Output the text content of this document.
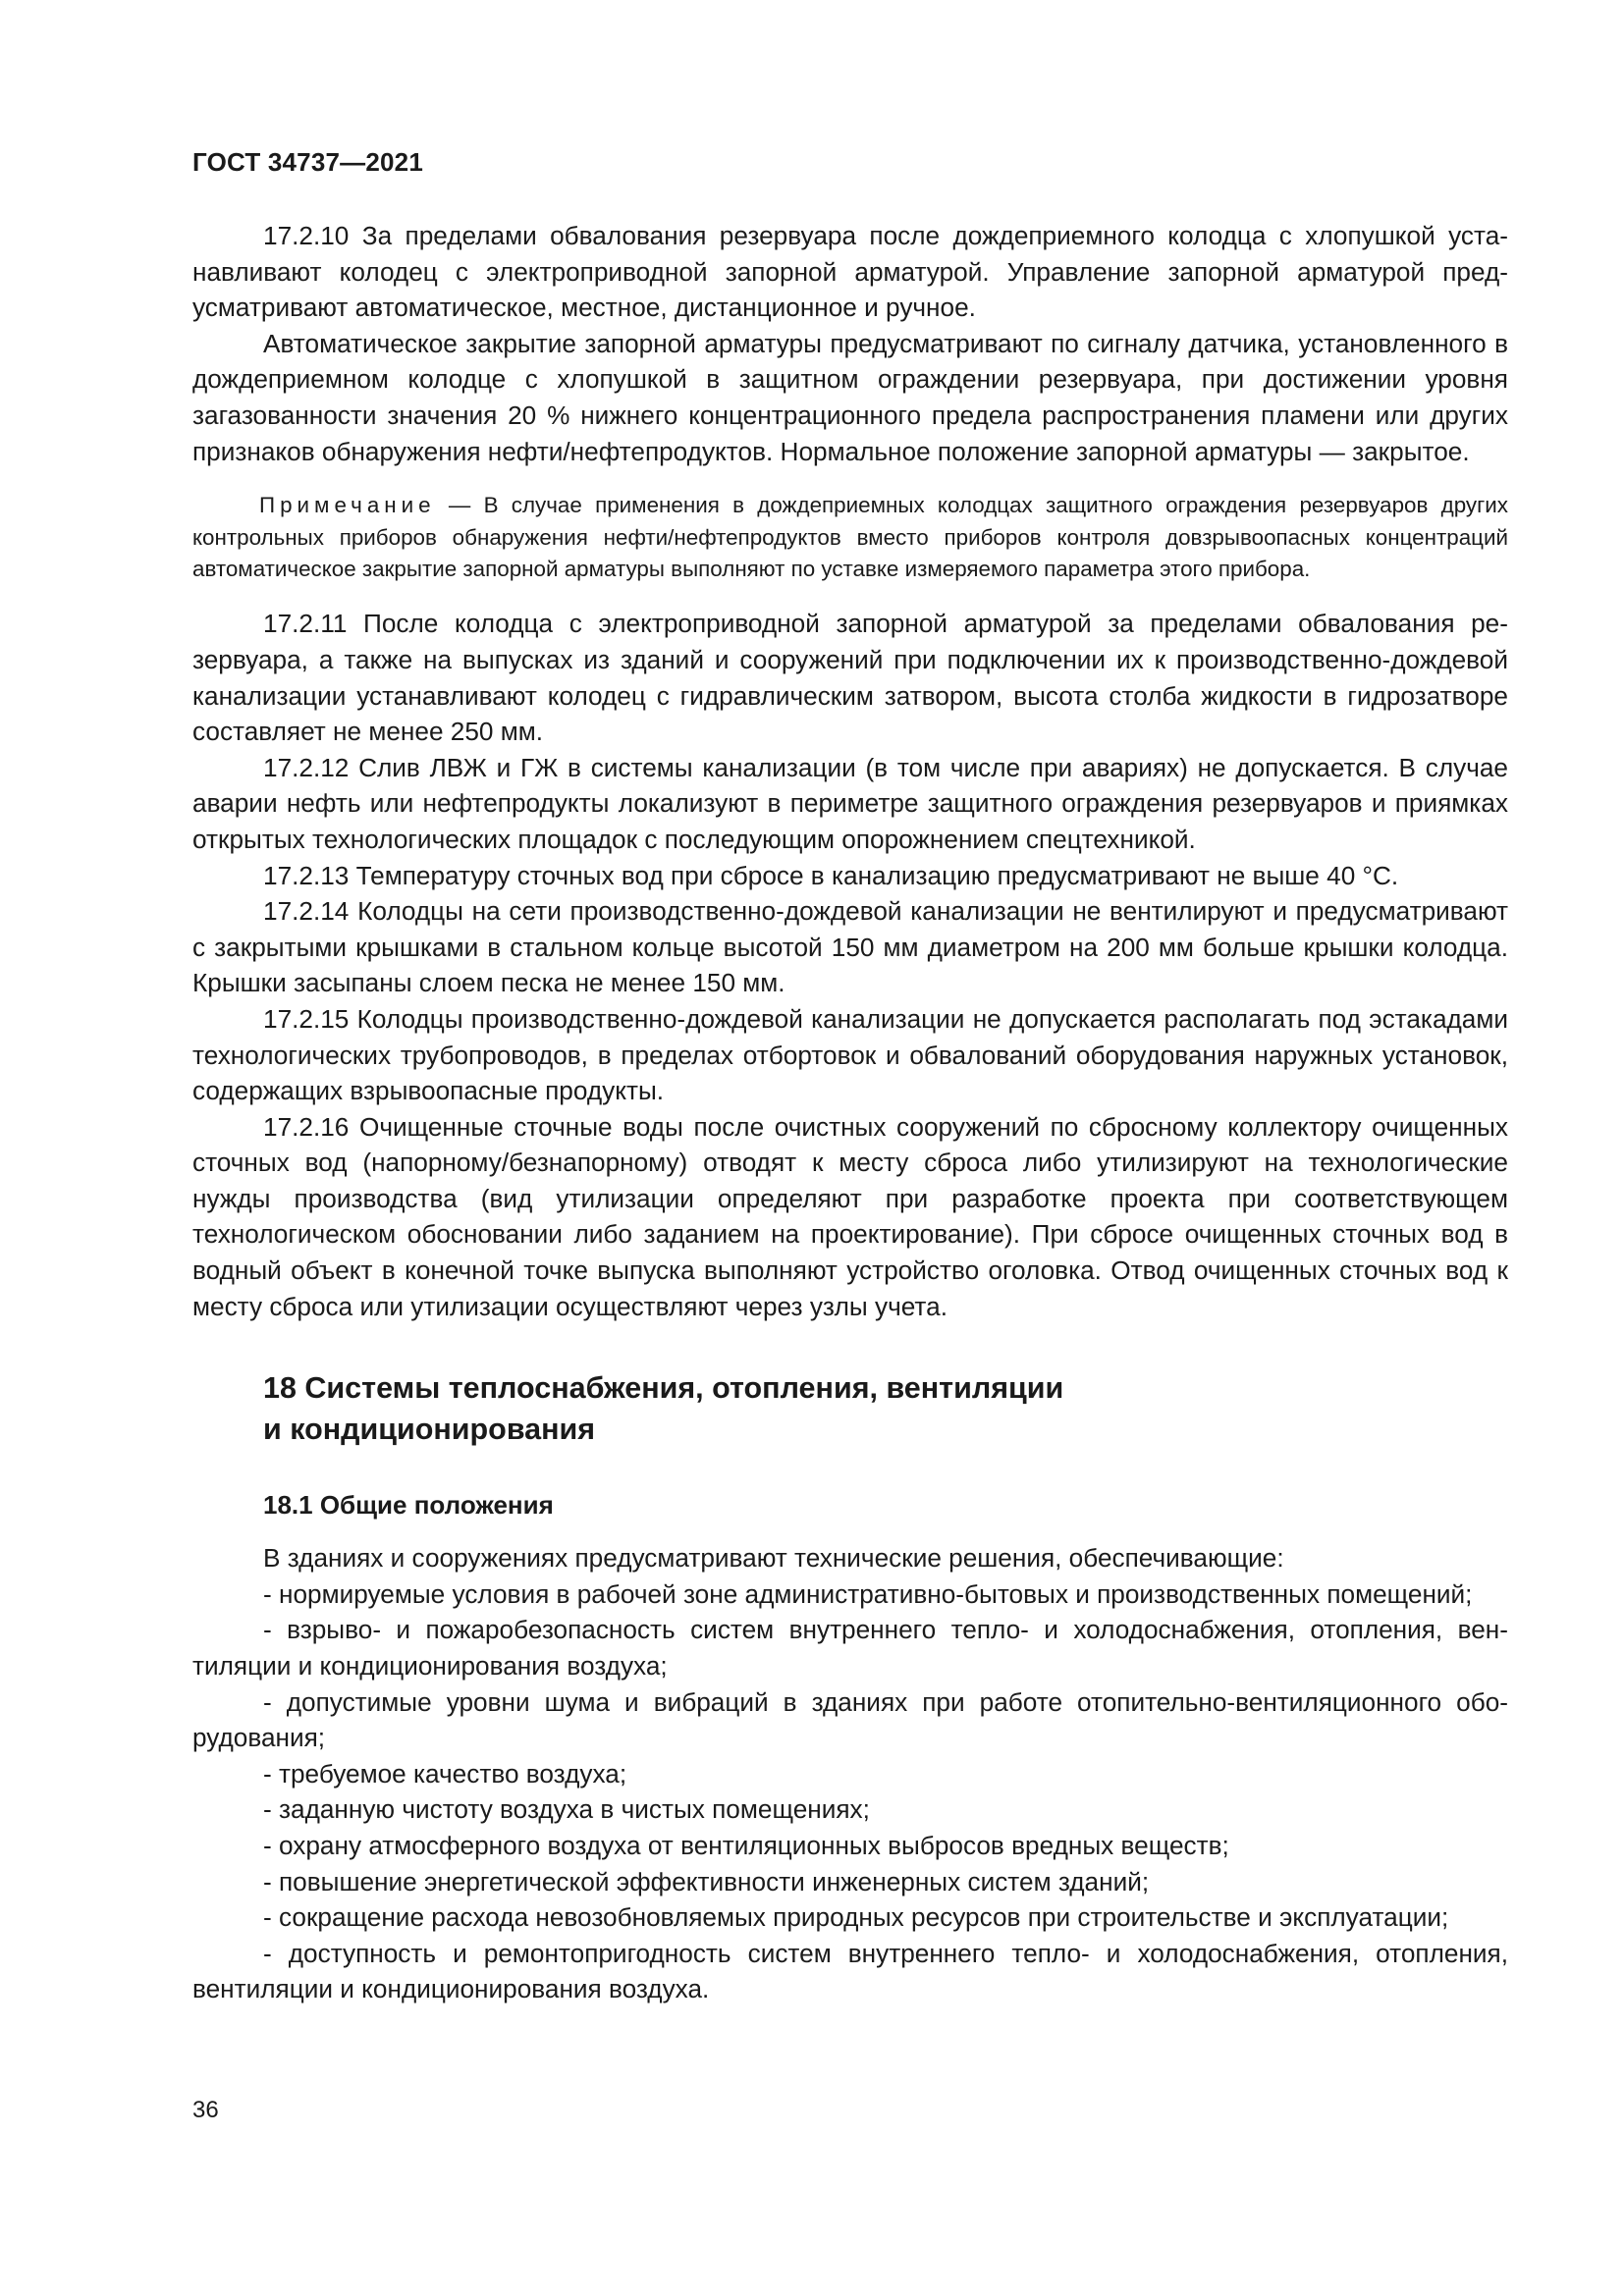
ГОСТ 34737—2021

17.2.10 За пределами обвалования резервуара после дождеприемного колодца с хлопушкой устанавливают колодец с электроприводной запорной арматурой. Управление запорной арматурой предусматривают автоматическое, местное, дистанционное и ручное.

Автоматическое закрытие запорной арматуры предусматривают по сигналу датчика, установленного в дождеприемном колодце с хлопушкой в защитном ограждении резервуара, при достижении уровня загазованности значения 20 % нижнего концентрационного предела распространения пламени или других признаков обнаружения нефти/нефтепродуктов. Нормальное положение запорной арматуры — закрытое.

Примечание — В случае применения в дождеприемных колодцах защитного ограждения резервуаров других контрольных приборов обнаружения нефти/нефтепродуктов вместо приборов контроля довзрывоопасных концентраций автоматическое закрытие запорной арматуры выполняют по уставке измеряемого параметра этого прибора.

17.2.11 После колодца с электроприводной запорной арматурой за пределами обвалования резервуара, а также на выпусках из зданий и сооружений при подключении их к производственно-дождевой канализации устанавливают колодец с гидравлическим затвором, высота столба жидкости в гидрозатворе составляет не менее 250 мм.

17.2.12 Слив ЛВЖ и ГЖ в системы канализации (в том числе при авариях) не допускается. В случае аварии нефть или нефтепродукты локализуют в периметре защитного ограждения резервуаров и приямках открытых технологических площадок с последующим опорожнением спецтехникой.

17.2.13 Температуру сточных вод при сбросе в канализацию предусматривают не выше 40 °С.

17.2.14 Колодцы на сети производственно-дождевой канализации не вентилируют и предусматривают с закрытыми крышками в стальном кольце высотой 150 мм диаметром на 200 мм больше крышки колодца. Крышки засыпаны слоем песка не менее 150 мм.

17.2.15 Колодцы производственно-дождевой канализации не допускается располагать под эстакадами технологических трубопроводов, в пределах отбортовок и обвалований оборудования наружных установок, содержащих взрывоопасные продукты.

17.2.16 Очищенные сточные воды после очистных сооружений по сбросному коллектору очищенных сточных вод (напорному/безнапорному) отводят к месту сброса либо утилизируют на технологические нужды производства (вид утилизации определяют при разработке проекта при соответствующем технологическом обосновании либо заданием на проектирование). При сбросе очищенных сточных вод в водный объект в конечной точке выпуска выполняют устройство оголовка. Отвод очищенных сточных вод к месту сброса или утилизации осуществляют через узлы учета.

18 Системы теплоснабжения, отопления, вентиляции
и кондиционирования
18.1 Общие положения

В зданиях и сооружениях предусматривают технические решения, обеспечивающие:

- нормируемые условия в рабочей зоне административно-бытовых и производственных помещений;

- взрыво- и пожаробезопасность систем внутреннего тепло- и холодоснабжения, отопления, вентиляции и кондиционирования воздуха;

- допустимые уровни шума и вибраций в зданиях при работе отопительно-вентиляционного оборудования;

- требуемое качество воздуха;

- заданную чистоту воздуха в чистых помещениях;

- охрану атмосферного воздуха от вентиляционных выбросов вредных веществ;

- повышение энергетической эффективности инженерных систем зданий;

- сокращение расхода невозобновляемых природных ресурсов при строительстве и эксплуатации;

- доступность и ремонтопригодность систем внутреннего тепло- и холодоснабжения, отопления, вентиляции и кондиционирования воздуха.

36
